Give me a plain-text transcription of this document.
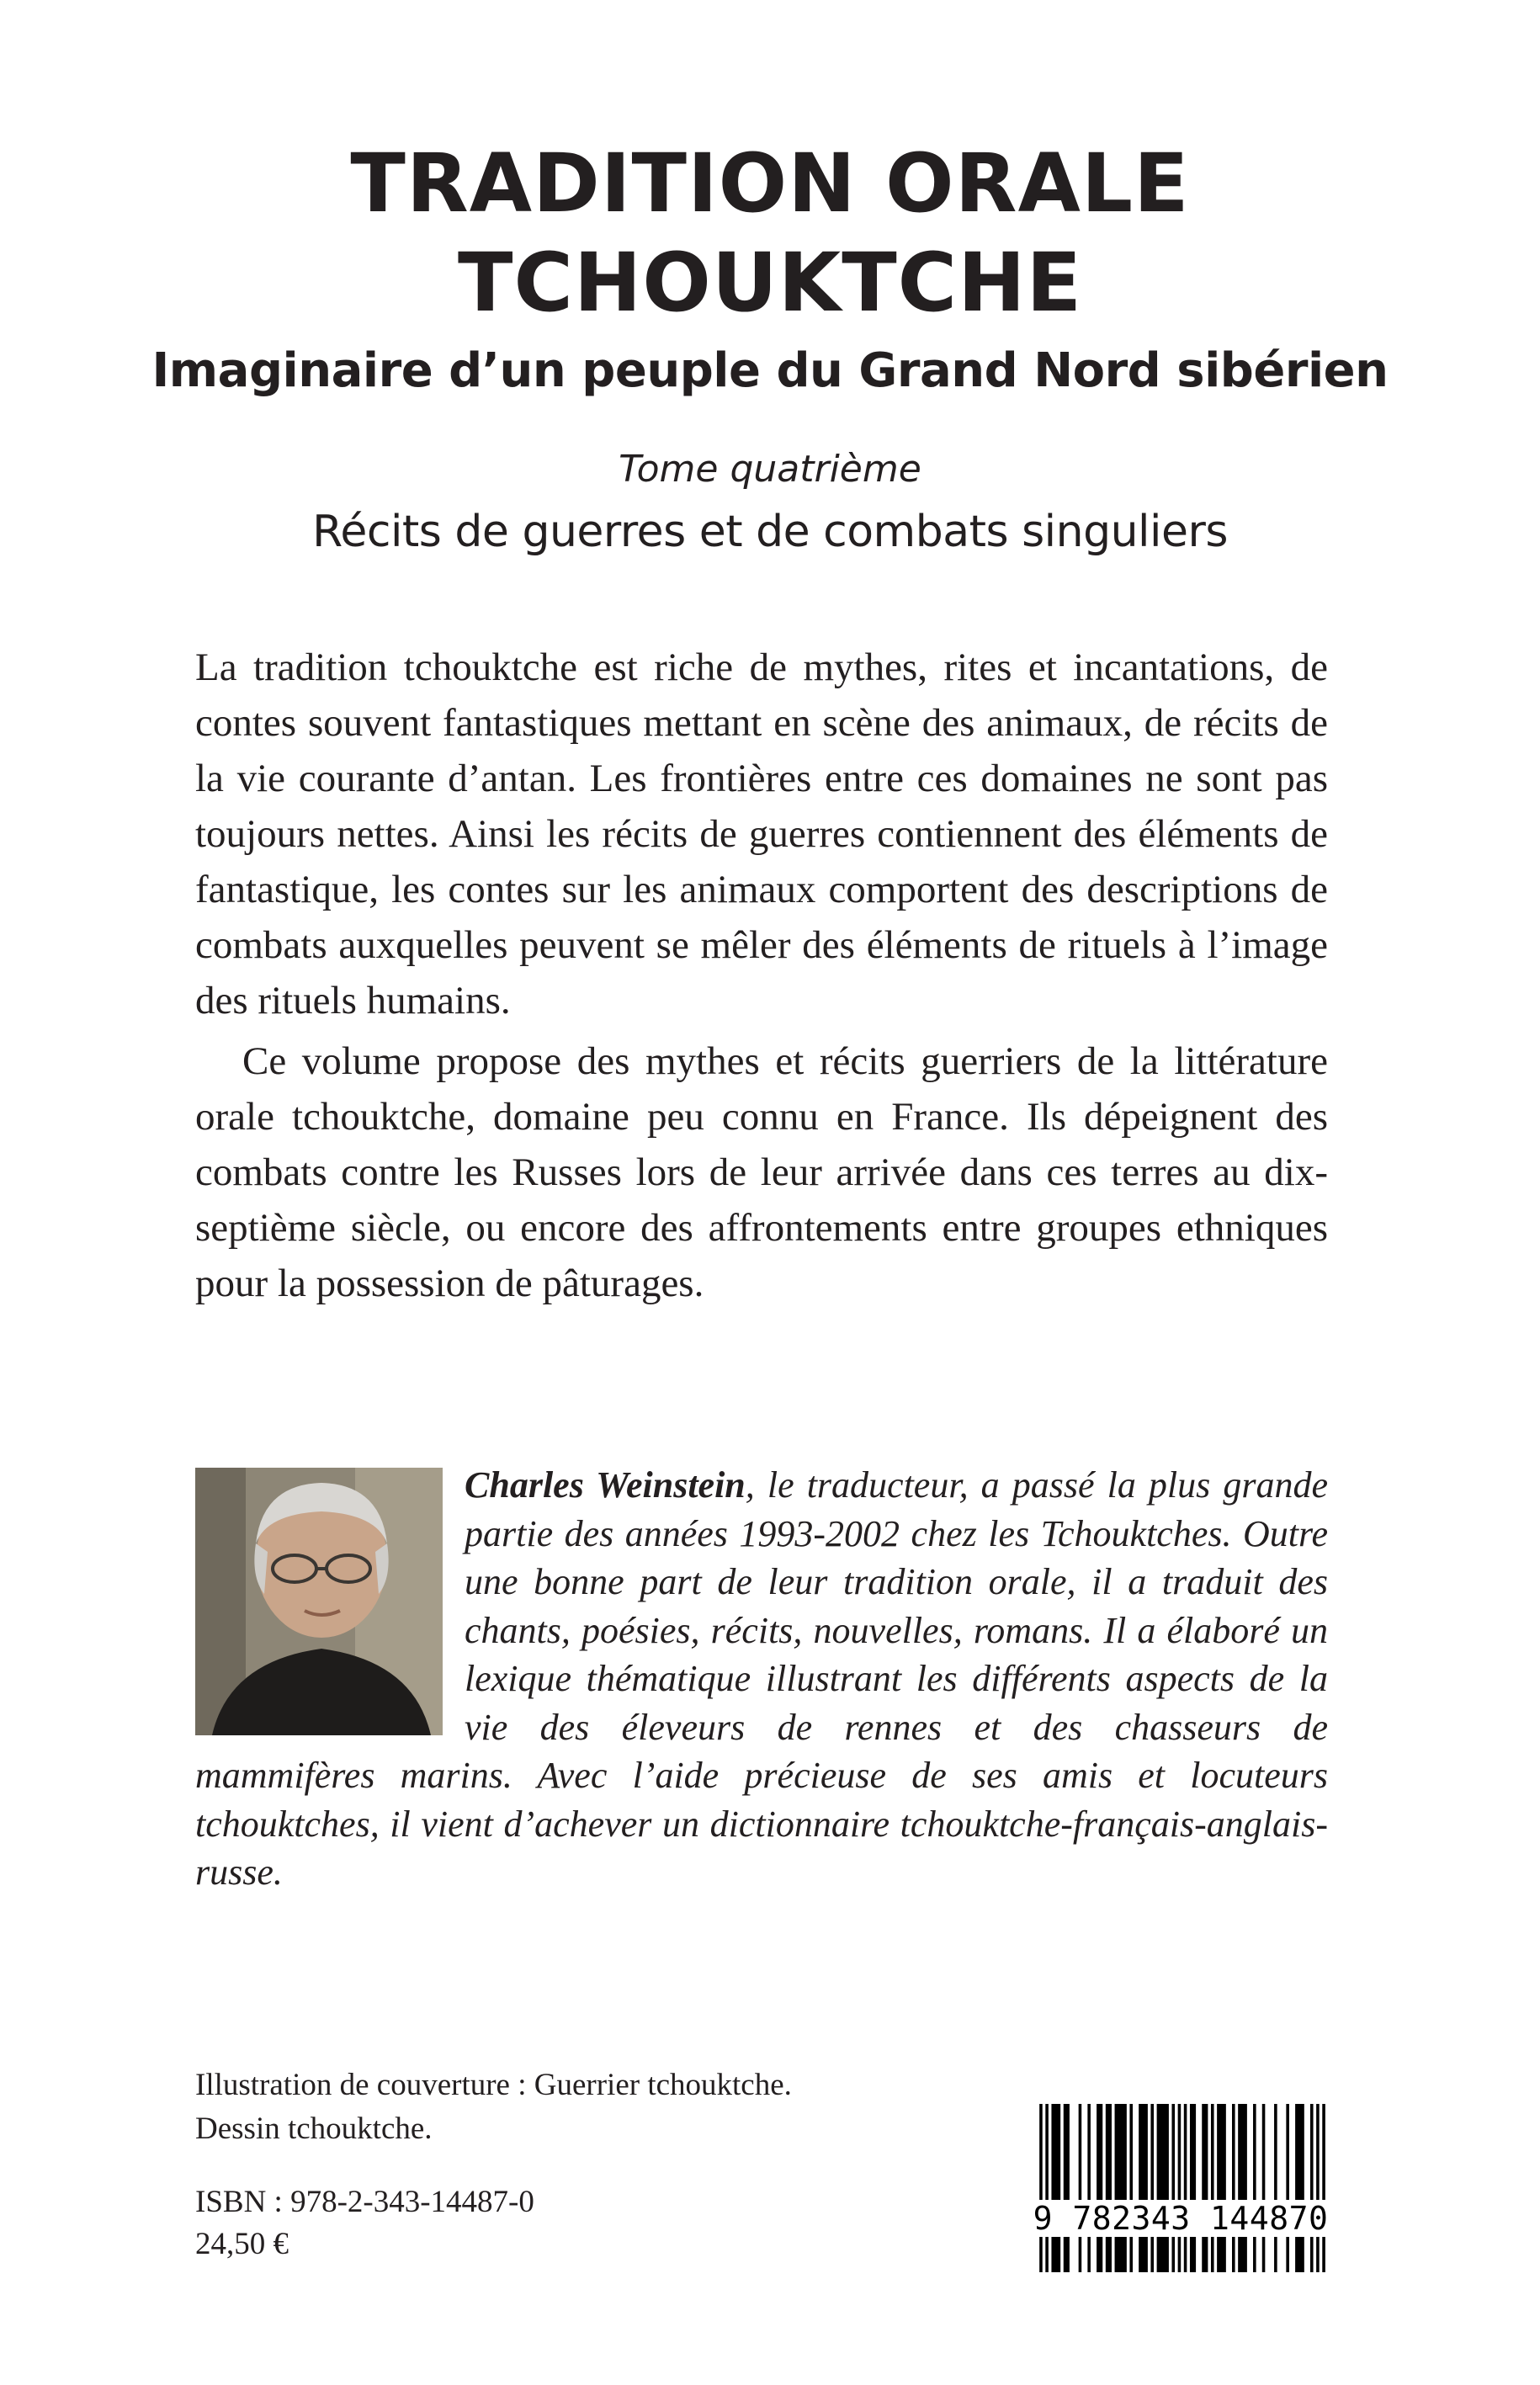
TRADITION ORALE
TCHOUKTCHE
Imaginaire d’un peuple du Grand Nord sibérien
Tome quatrième
Récits de guerres et de combats singuliers

La tradition tchouktche est riche de mythes, rites et incantations, de contes souvent fantastiques mettant en scène des animaux, de récits de la vie courante d’antan. Les frontières entre ces domaines ne sont pas toujours nettes. Ainsi les récits de guerres contiennent des éléments de fantastique, les contes sur les animaux comportent des descriptions de combats auxquelles peuvent se mêler des éléments de rituels à l’image des rituels humains.

Ce volume propose des mythes et récits guerriers de la littérature orale tchouktche, domaine peu connu en France. Ils dépeignent des combats contre les Russes lors de leur arrivée dans ces terres au dix-septième siècle, ou encore des affrontements entre groupes ethniques pour la possession de pâturages.

Charles Weinstein, le traducteur, a passé la plus grande partie des années 1993-2002 chez les Tchouktches. Outre une bonne part de leur tradition orale, il a traduit des chants, poésies, récits, nouvelles, romans. Il a élaboré un lexique thématique illustrant les différents aspects de la vie des éleveurs de rennes et des chasseurs de mammifères marins. Avec l’aide précieuse de ses amis et locuteurs tchouktches, il vient d’achever un dictionnaire tchouktche-français-anglais-russe.
Illustration de couverture : Guerrier tchouktche.
Dessin tchouktche.
ISBN : 978-2-343-14487-0
24,50 €
9 782343 144870
